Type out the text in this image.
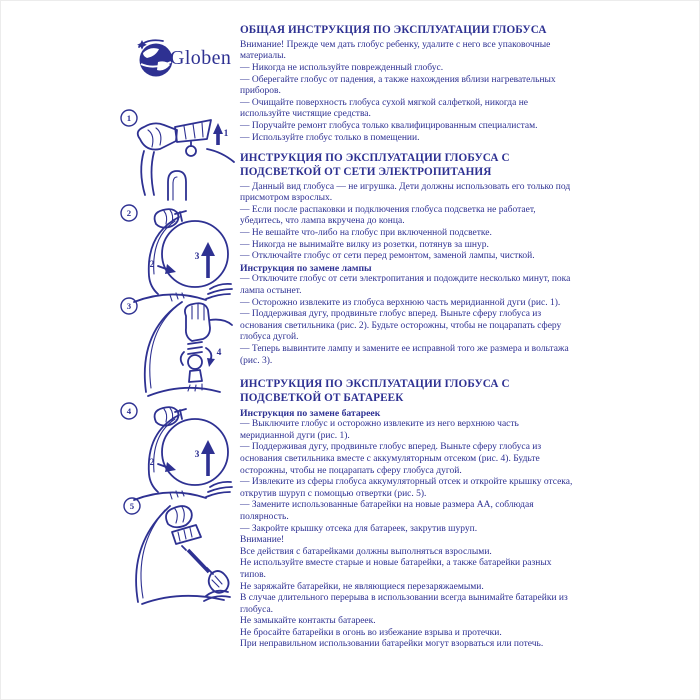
Globen
1
1
2
2
3
3
4
4
2
3
5
ОБЩАЯ ИНСТРУКЦИЯ ПО ЭКСПЛУАТАЦИИ ГЛОБУСА

Внимание! Прежде чем дать глобус ребенку, удалите с него все упаковочные материалы.

— Никогда не используйте поврежденный глобус.

— Оберегайте глобус от падения, а также нахождения вблизи нагревательных приборов.

— Очищайте поверхность глобуса сухой мягкой салфеткой, никогда не используйте чистящие средства.

— Поручайте ремонт глобуса только квалифицированным специалистам.

— Используйте глобус только в помещении.

ИНСТРУКЦИЯ ПО ЭКСПЛУАТАЦИИ ГЛОБУСА С ПОДСВЕТКОЙ ОТ СЕТИ ЭЛЕКТРОПИТАНИЯ

— Данный вид глобуса — не игрушка. Дети должны использовать его только под присмотром взрослых.

— Если после распаковки и подключения глобуса подсветка не работает, убедитесь, что лампа вкручена до конца.

— Не вешайте что-либо на глобус при включенной подсветке.

— Никогда не вынимайте вилку из розетки, потянув за шнур.

— Отключайте глобус от сети перед ремонтом, заменой лампы, чисткой.

Инструкция по замене лампы

— Отключите глобус от сети электропитания и подождите несколько минут, пока лампа остынет.

— Осторожно извлеките из глобуса верхнюю часть меридианной дуги (рис. 1).

— Поддерживая дугу, продвиньте глобус вперед. Выньте сферу глобуса из основания светильника (рис. 2). Будьте осторожны, чтобы не поцарапать сферу глобуса дугой.

— Теперь вывинтите лампу и замените ее исправной того же размера и вольтажа (рис. 3).

ИНСТРУКЦИЯ ПО ЭКСПЛУАТАЦИИ ГЛОБУСА С ПОДСВЕТКОЙ ОТ БАТАРЕЕК

Инструкция по замене батареек

— Выключите глобус и осторожно извлеките из него верхнюю часть меридианной дуги (рис. 1).

— Поддерживая дугу, продвиньте глобус вперед. Выньте сферу глобуса из основания светильника вместе с аккумуляторным отсеком (рис. 4). Будьте осторожны, чтобы не поцарапать сферу глобуса дугой.

— Извлеките из сферы глобуса аккумуляторный отсек и откройте крышку отсека, открутив шуруп с помощью отвертки (рис. 5).

— Замените использованные батарейки на новые размера AA, соблюдая полярность.

— Закройте крышку отсека для батареек, закрутив шуруп.

Внимание!

Все действия с батарейками должны выполняться взрослыми.

Не используйте вместе старые и новые батарейки, а также батарейки разных типов.

Не заряжайте батарейки, не являющиеся перезаряжаемыми.

В случае длительного перерыва в использовании всегда вынимайте батарейки из глобуса.

Не замыкайте контакты батареек.

Не бросайте батарейки в огонь во избежание взрыва и протечки.

При неправильном использовании батарейки могут взорваться или потечь.
